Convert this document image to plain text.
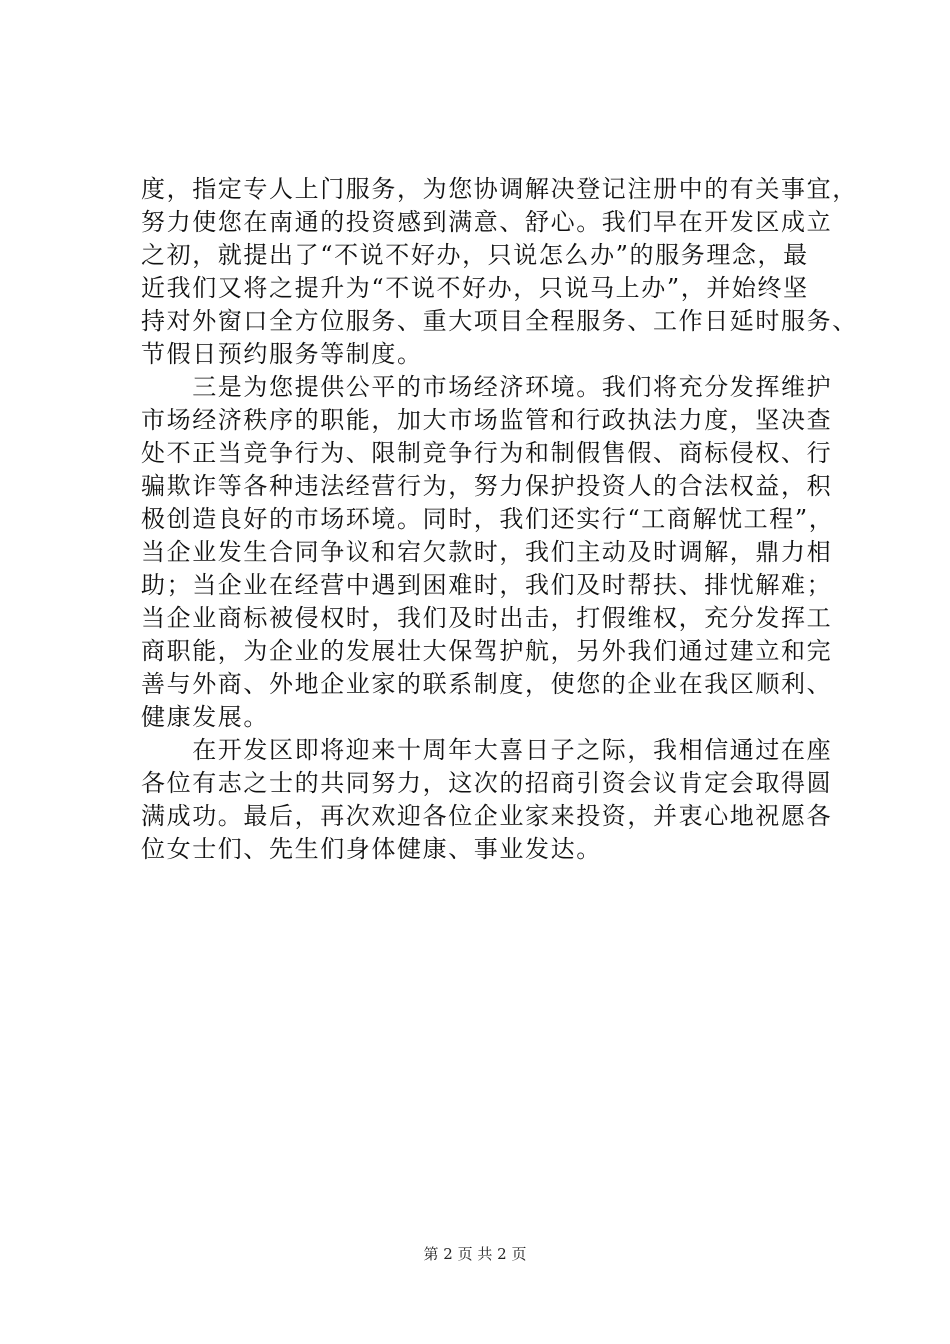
度，指定专人上门服务，为您协调解决登记注册中的有关事宜，
努力使您在南通的投资感到满意、舒心。我们早在开发区成立
之初，就提出了“不说不好办，只说怎么办”的服务理念，最
近我们又将之提升为“不说不好办，只说马上办”，并始终坚
持对外窗口全方位服务、重大项目全程服务、工作日延时服务、
节假日预约服务等制度。
　　三是为您提供公平的市场经济环境。我们将充分发挥维护
市场经济秩序的职能，加大市场监管和行政执法力度，坚决查
处不正当竞争行为、限制竞争行为和制假售假、商标侵权、行
骗欺诈等各种违法经营行为，努力保护投资人的合法权益，积
极创造良好的市场环境。同时，我们还实行“工商解忧工程”，
当企业发生合同争议和宕欠款时，我们主动及时调解，鼎力相
助；当企业在经营中遇到困难时，我们及时帮扶、排忧解难；
当企业商标被侵权时，我们及时出击，打假维权，充分发挥工
商职能，为企业的发展壮大保驾护航，另外我们通过建立和完
善与外商、外地企业家的联系制度，使您的企业在我区顺利、
健康发展。
　　在开发区即将迎来十周年大喜日子之际，我相信通过在座
各位有志之士的共同努力，这次的招商引资会议肯定会取得圆
满成功。最后，再次欢迎各位企业家来投资，并衷心地祝愿各
位女士们、先生们身体健康、事业发达。
第 2 页 共 2 页
